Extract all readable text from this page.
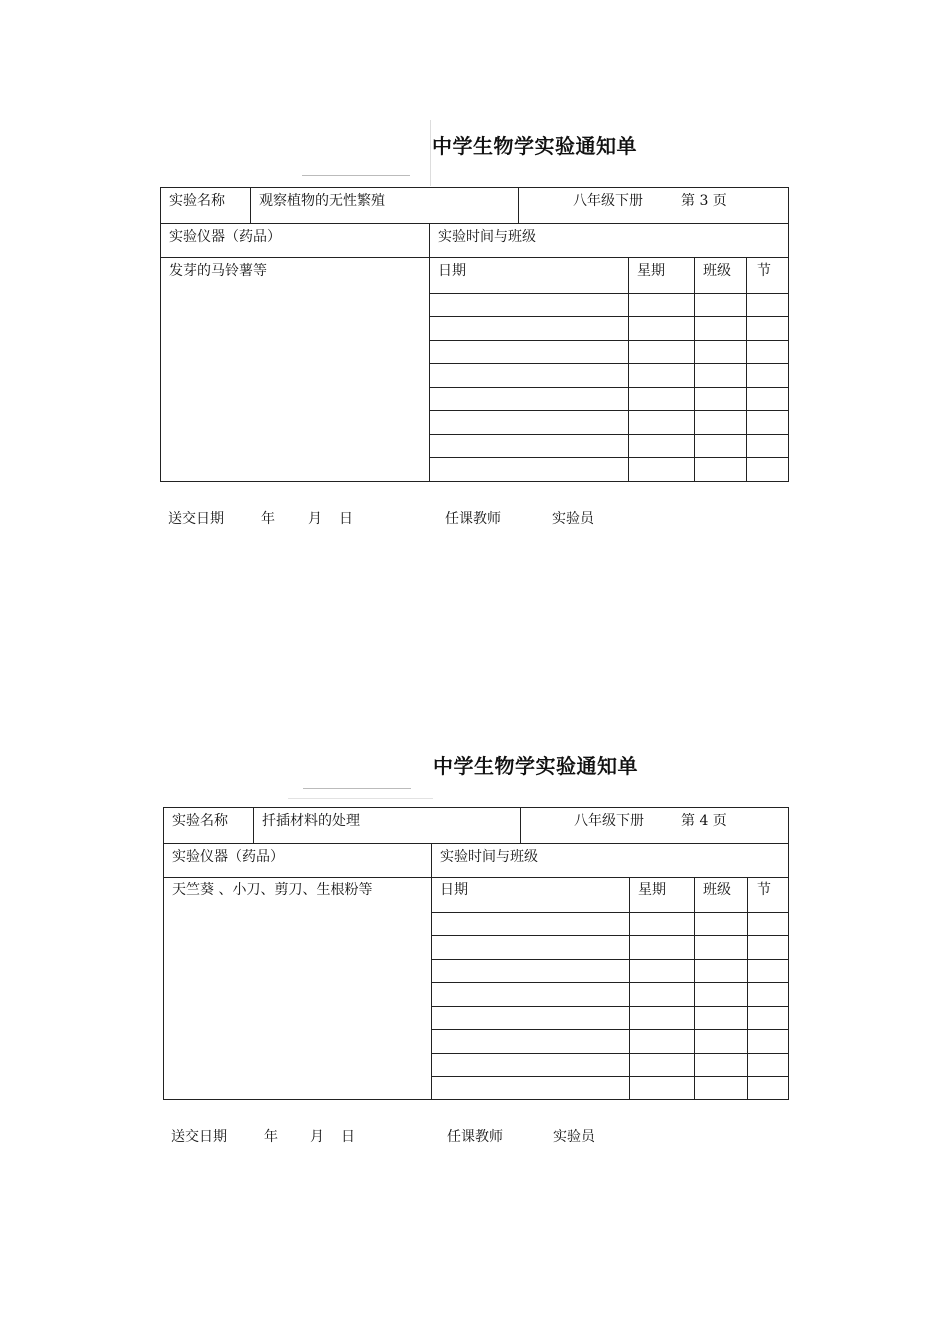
中学生物学实验通知单
实验名称 观察植物的无性繁殖	八年级下册	第 3 页
实验仪器（药品）	实验时间与班级
发芽的马铃薯等	日期	星期	班级 节
送交日期	年 月 日	任课教师	实验员
中学生物学实验通知单
实验名称 扦插材料的处理	八年级下册	第 4 页
实验仪器（药品）	实验时间与班级
天竺葵 、小刀、剪刀、生根粉等	日期	星期	班级 节
送交日期	年 月 日	任课教师	实验员
